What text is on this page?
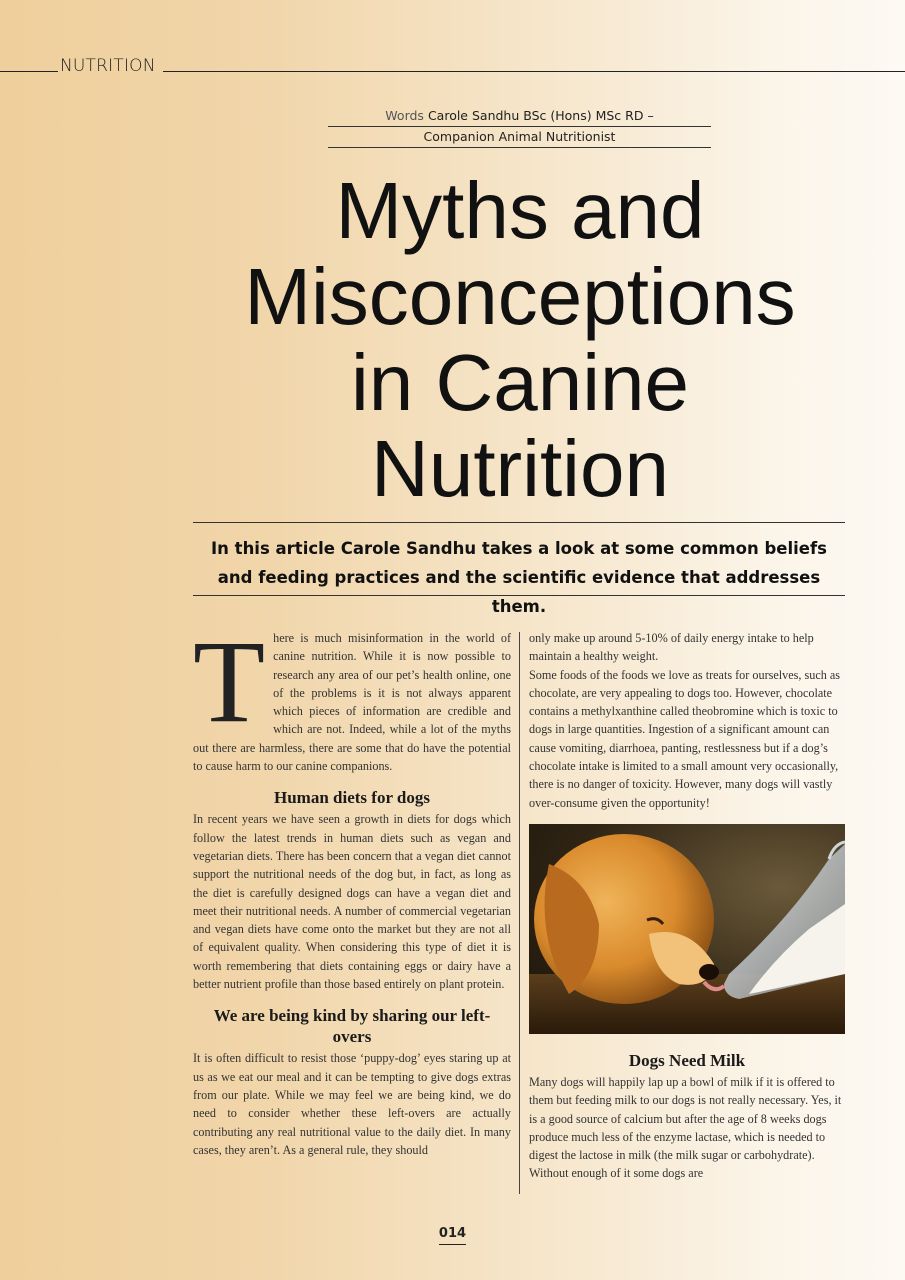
NUTRITION
Words Carole Sandhu BSc (Hons) MSc RD –
Companion Animal Nutritionist
Myths and
Misconceptions
in Canine
Nutrition

In this article Carole Sandhu takes a look at some common beliefs and feeding practices and the scientific evidence that addresses them.

There is much misinformation in the world of canine nutrition. While it is now possible to research any area of our pet’s health online, one of the problems is it is not always apparent which pieces of information are credible and which are not. Indeed, while a lot of the myths out there are harmless, there are some that do have the potential to cause harm to our canine companions.

Human diets for dogs

In recent years we have seen a growth in diets for dogs which follow the latest trends in human diets such as vegan and vegetarian diets. There has been concern that a vegan diet cannot support the nutritional needs of the dog but, in fact, as long as the diet is carefully designed dogs can have a vegan diet and meet their nutritional needs. A number of commercial vegetarian and vegan diets have come onto the market but they are not all of equivalent quality. When considering this type of diet it is worth remembering that diets containing eggs or dairy have a better nutrient profile than those based entirely on plant protein.

We are being kind by sharing our left-overs

It is often difficult to resist those ‘puppy-dog’ eyes staring up at us as we eat our meal and it can be tempting to give dogs extras from our plate. While we may feel we are being kind, we do need to consider whether these left-overs are actually contributing any real nutritional value to the daily diet. In many cases, they aren’t. As a general rule, they should

only make up around 5-10% of daily energy intake to help maintain a healthy weight.

Some foods of the foods we love as treats for ourselves, such as chocolate, are very appealing to dogs too. However, chocolate contains a methylxanthine called theobromine which is toxic to dogs in large quantities. Ingestion of a significant amount can cause vomiting, diarrhoea, panting, restlessness but if a dog’s chocolate intake is limited to a small amount very occasionally, there is no danger of toxicity. However, many dogs will vastly over-consume given the opportunity!

Dogs Need Milk

Many dogs will happily lap up a bowl of milk if it is offered to them but feeding milk to our dogs is not really necessary. Yes, it is a good source of calcium but after the age of 8 weeks dogs produce much less of the enzyme lactase, which is needed to digest the lactose in milk (the milk sugar or carbohydrate). Without enough of it some dogs are

014
